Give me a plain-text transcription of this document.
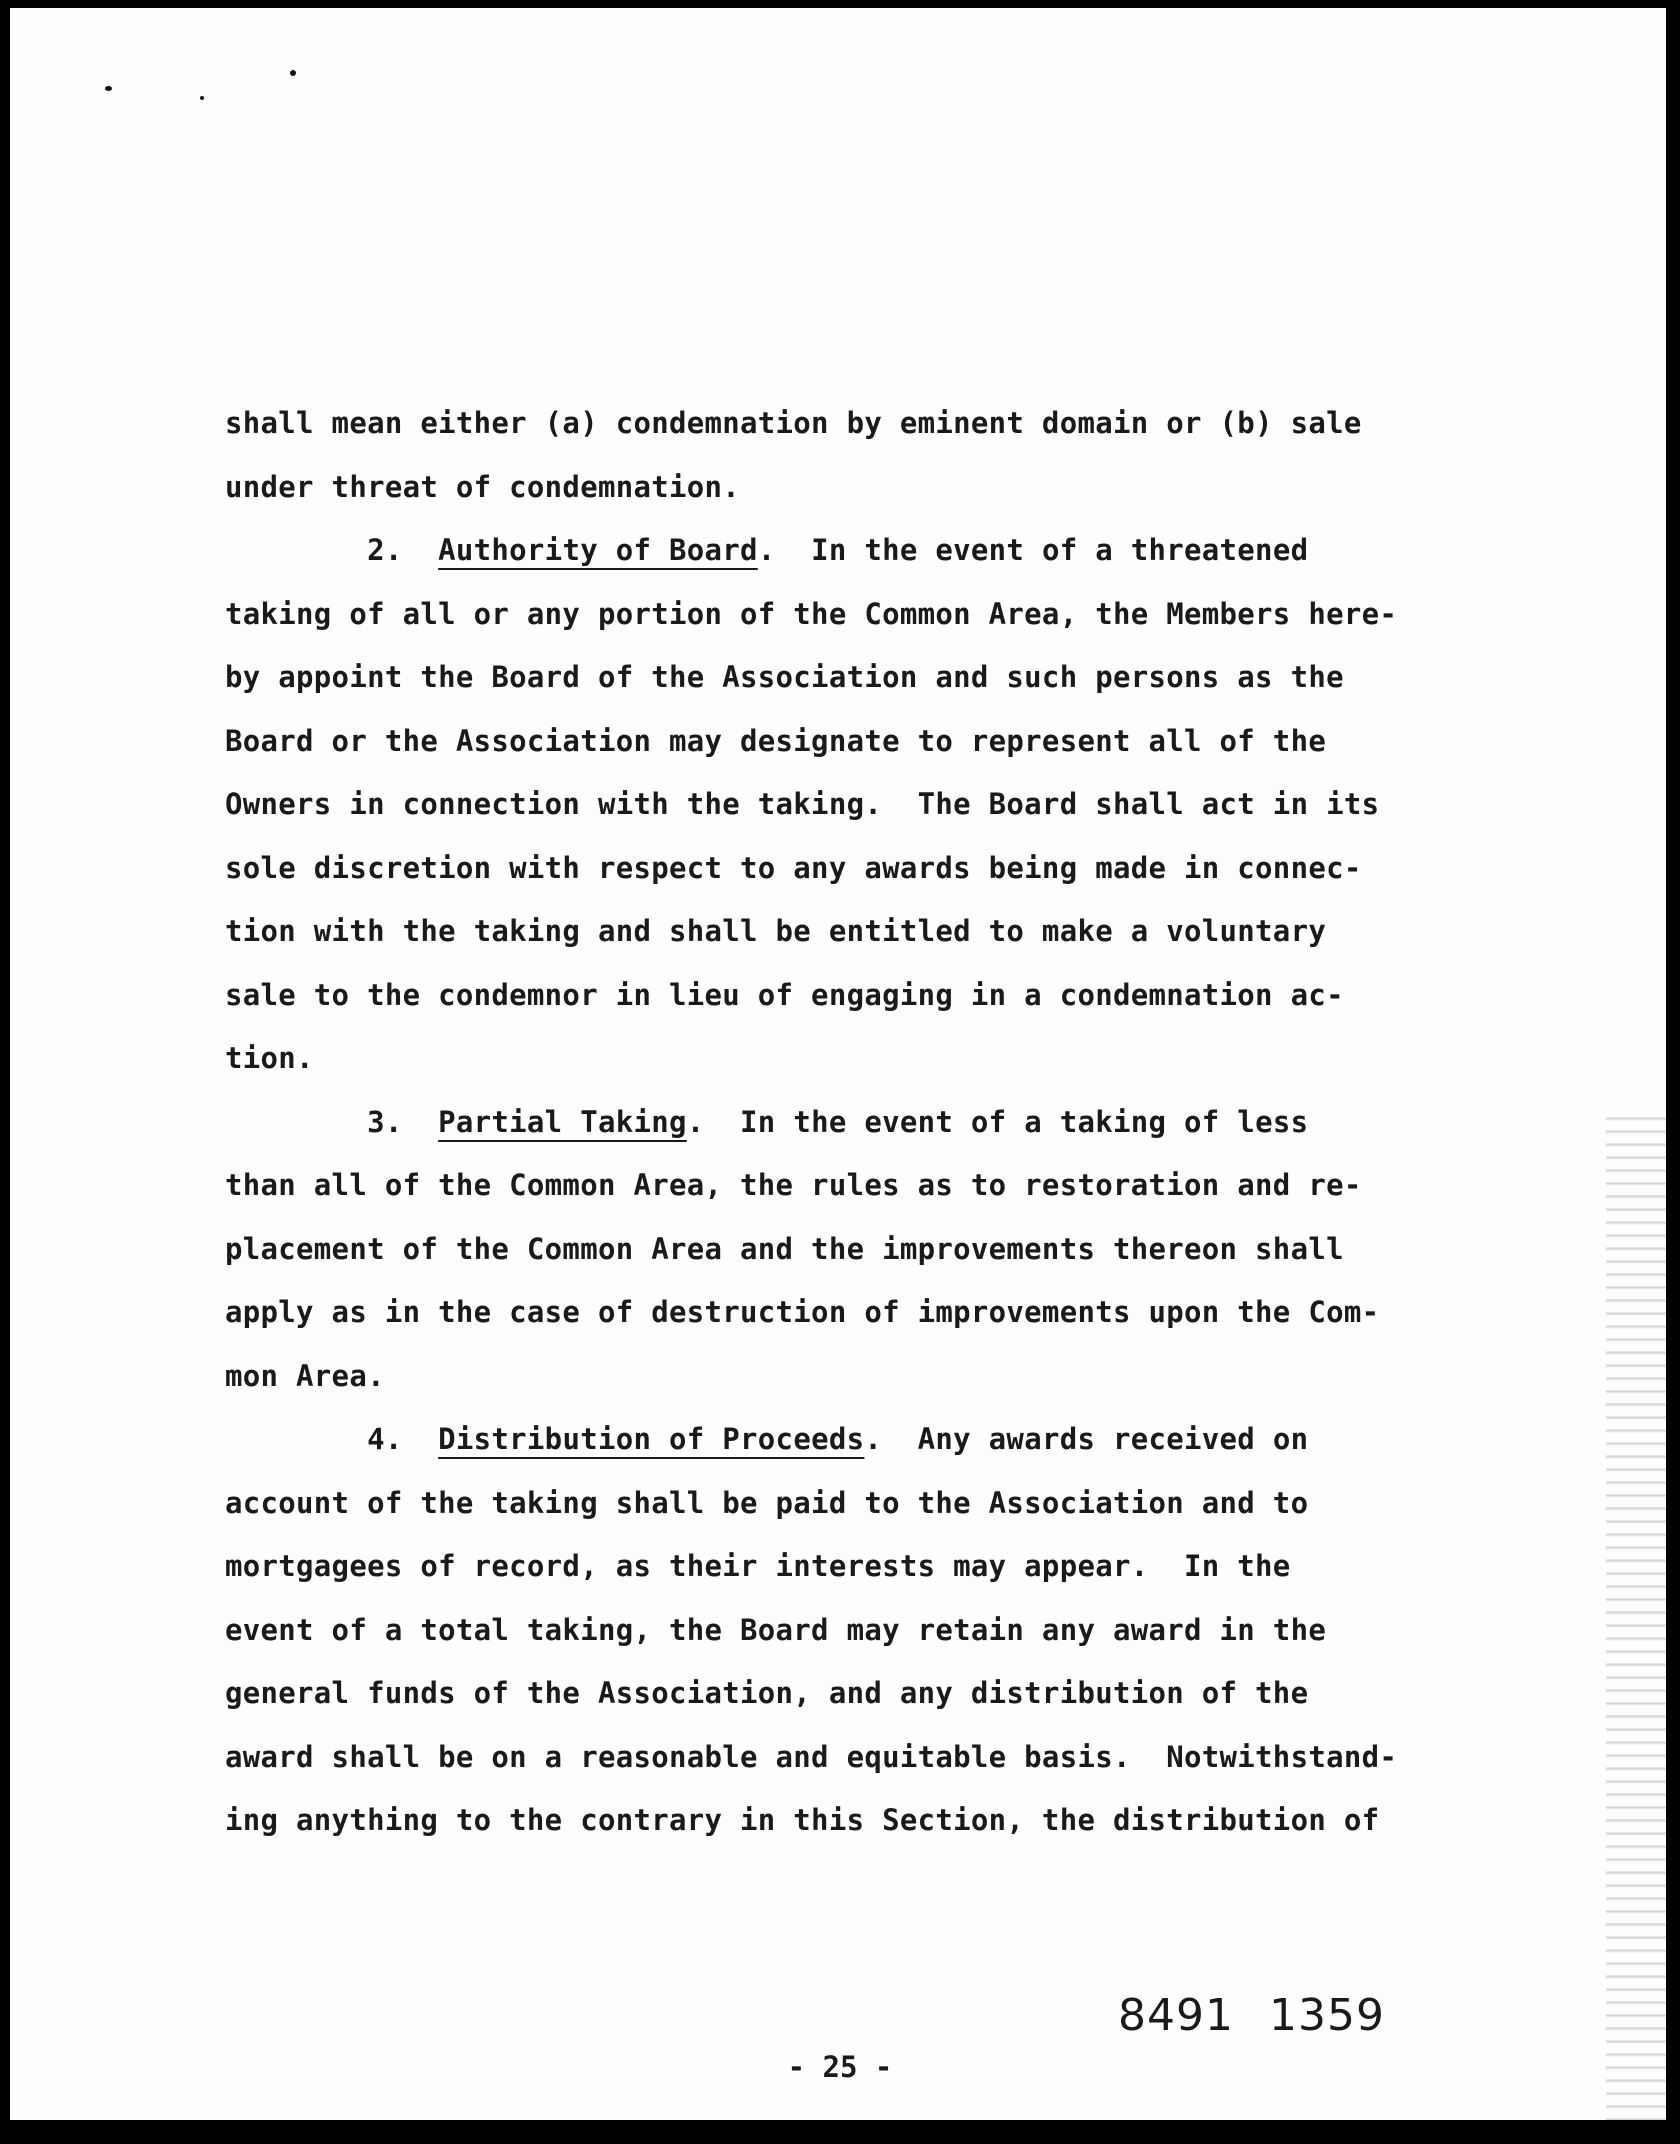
shall mean either (a) condemnation by eminent domain or (b) sale
under threat of condemnation.
2.  Authority of Board.  In the event of a threatened
taking of all or any portion of the Common Area, the Members here-
by appoint the Board of the Association and such persons as the
Board or the Association may designate to represent all of the
Owners in connection with the taking.  The Board shall act in its
sole discretion with respect to any awards being made in connec-
tion with the taking and shall be entitled to make a voluntary
sale to the condemnor in lieu of engaging in a condemnation ac-
tion.
3.  Partial Taking.  In the event of a taking of less
than all of the Common Area, the rules as to restoration and re-
placement of the Common Area and the improvements thereon shall
apply as in the case of destruction of improvements upon the Com-
mon Area.
4.  Distribution of Proceeds.  Any awards received on
account of the taking shall be paid to the Association and to
mortgagees of record, as their interests may appear.  In the
event of a total taking, the Board may retain any award in the
general funds of the Association, and any distribution of the
award shall be on a reasonable and equitable basis.  Notwithstand-
ing anything to the contrary in this Section, the distribution of
8491 1359
- 25 -
